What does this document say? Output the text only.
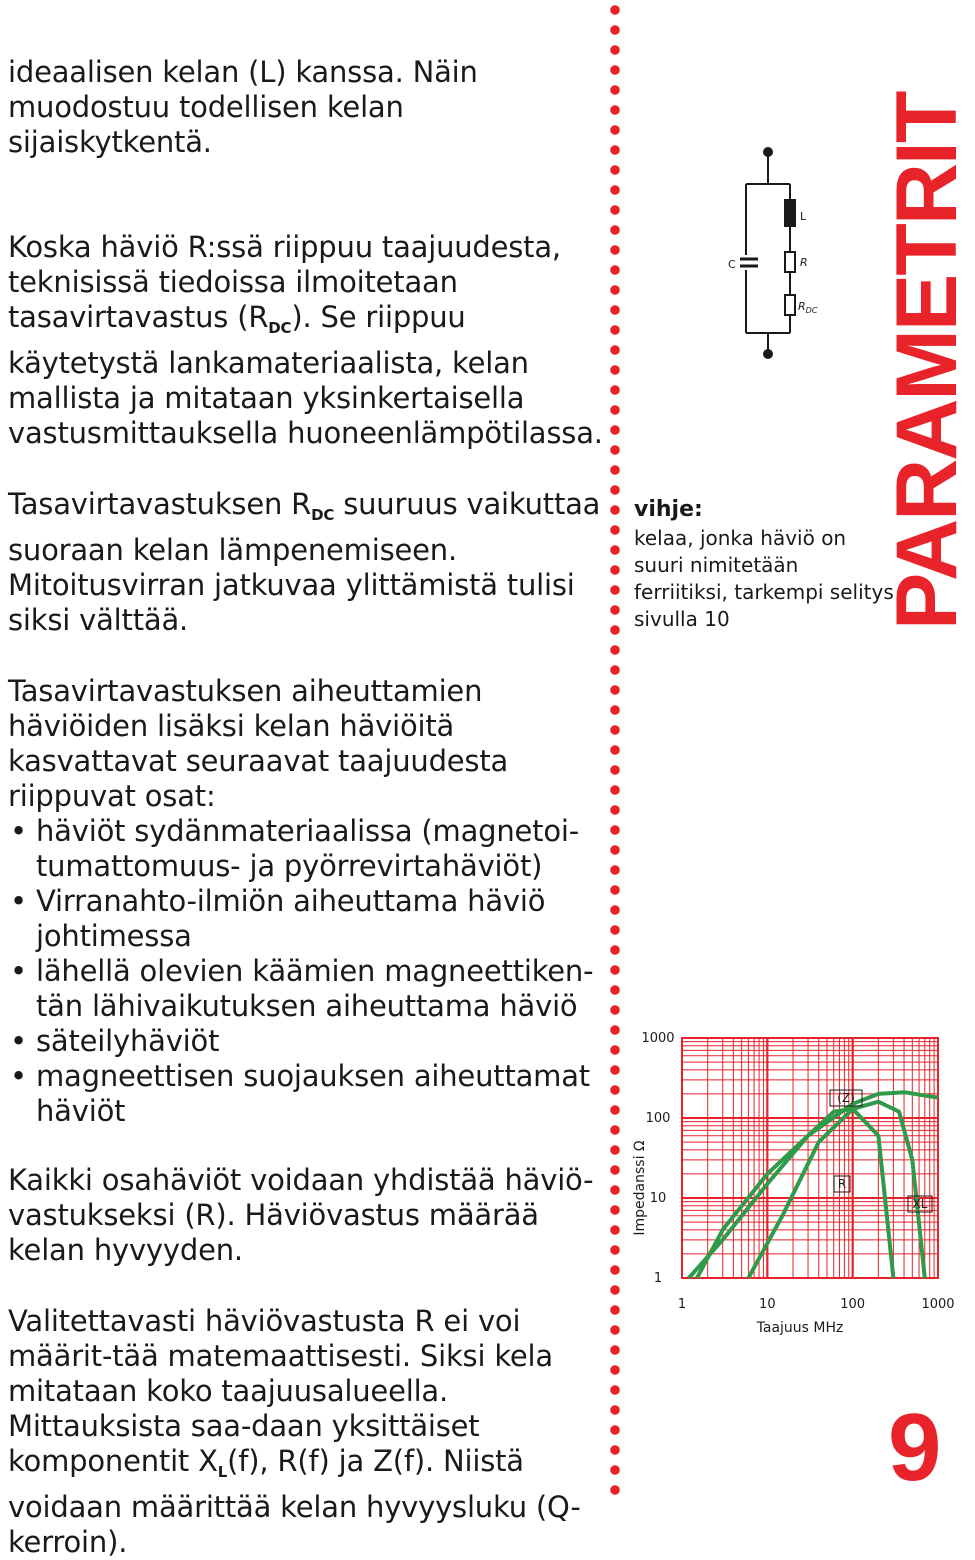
ideaalisen kelan (L) kanssa. Näin muodostuu todellisen kelan sijaiskytkentä.

Koska häviö R:ssä riippuu taajuudesta, teknisissä tiedoissa ilmoitetaan tasavirtavastus $(R_{DC})$. Se riippuu käytetystä lankamateriaalista, kelan mallista ja mitataan yksinkertaisella vastusmittauksella huoneenlämpötilassa.

Tasavirtavastuksen $R_{DC}$ suuruus vaikuttaa suoraan kelan lämpenemiseen. Mitoitusvirran jatkuvaa ylittämistä tulisi siksi välttää.

Tasavirtavastuksen aiheuttamien häviöiden lisäksi kelan häviöitä kasvattavat seuraavat taajuudesta riippuvat osat:

• häviöt sydänmateriaalissa (magnetoi-tumattomuus- ja pyörrevirtahäviöt)
• Virranahto-ilmiön aiheuttama häviö johtimessa
• lähellä olevien käämien magneettiken-tän lähivaikutuksen aiheuttama häviö
• säteilyhäviöt
• magneettisen suojauksen aiheuttamat häviöt

Kaikki osahäviöt voidaan yhdistää häviö-vastukseksi (R). Häviövastus määrää kelan hyvyyden.

Valitettavasti häviövastusta R ei voi määrit-tää matemaattisesti. Siksi kela mitataan koko taajuusalueella. Mittauksista saa-daan yksittäiset komponentit $X_L(f)$, R(f) ja Z(f). Niistä voidaan määrittää kelan hyvyysluku (Q-kerroin).

C
L
R
$R_{DC}$
vihje:
kelaa, jonka häviö on suuri nimitetään ferriitiksi, tarkempi selitys sivulla 10	PARAMETRIT
9
(Z)
R
XL
1000
100
10
1
1	10	100	1000
Taajuus MHz
Impedanssi Ω
